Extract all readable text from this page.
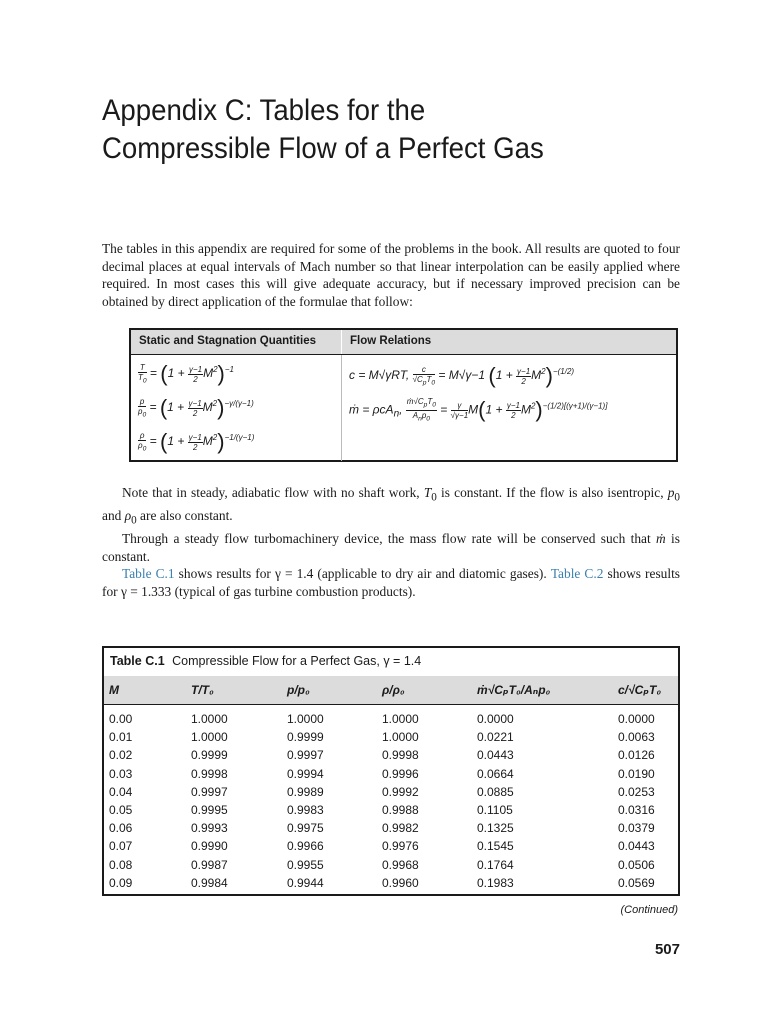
Appendix C: Tables for the
Compressible Flow of a Perfect Gas

The tables in this appendix are required for some of the problems in the book. All results are quoted to four decimal places at equal intervals of Mach number so that linear interpolation can be easily applied where required. In most cases this will give adequate accuracy, but if necessary improved precision can be obtained by direct application of the formulae that follow:

Static and Stagnation Quantities	Flow Relations
$\frac{T}{T_0} = (1 + \frac{\gamma-1}{2} M^2)^{-1}$
$\frac{p}{p_0} = (1 + \frac{\gamma-1}{2} M^2)^{-\gamma/(\gamma-1)}$
$\frac{\rho}{\rho_0} = (1 + \frac{\gamma-1}{2} M^2)^{-1/(\gamma-1)}$
c = M√γRT, $\frac{c}{√C_pT_0} = M√\gamma-1$ $(1 + \frac{\gamma-1}{2} M^2)^{-(1/2)}$
ṁ = ρcA$_n$, $\frac{ṁ√C_pT_0}{A_np_0} = \frac{\gamma}{√\gamma-1} M(1 + \frac{\gamma-1}{2} M^2)^{-(1/2)[(\gamma+1)/(\gamma-1)]}$

Note that in steady, adiabatic flow with no shaft work, $T_0$ is constant. If the flow is also isentropic, $p_0$ and $\rho_0$ are also constant.

Through a steady flow turbomachinery device, the mass flow rate will be conserved such that ṁ is constant.

Table C.1 shows results for γ = 1.4 (applicable to dry air and diatomic gases). Table C.2 shows results for γ = 1.333 (typical of gas turbine combustion products).

Table C.1 Compressible Flow for a Perfect Gas, γ = 1.4
M	T/T₀	p/p₀	ρ/ρ₀	ṁ√CₚT₀/Aₙp₀	c/√CₚT₀
0.00	1.0000	1.0000	1.0000	0.0000	0.0000
0.01	1.0000	0.9999	1.0000	0.0221	0.0063
0.02	0.9999	0.9997	0.9998	0.0443	0.0126
0.03	0.9998	0.9994	0.9996	0.0664	0.0190
0.04	0.9997	0.9989	0.9992	0.0885	0.0253
0.05	0.9995	0.9983	0.9988	0.1105	0.0316
0.06	0.9993	0.9975	0.9982	0.1325	0.0379
0.07	0.9990	0.9966	0.9976	0.1545	0.0443
0.08	0.9987	0.9955	0.9968	0.1764	0.0506
0.09	0.9984	0.9944	0.9960	0.1983	0.0569
(Continued)
507
